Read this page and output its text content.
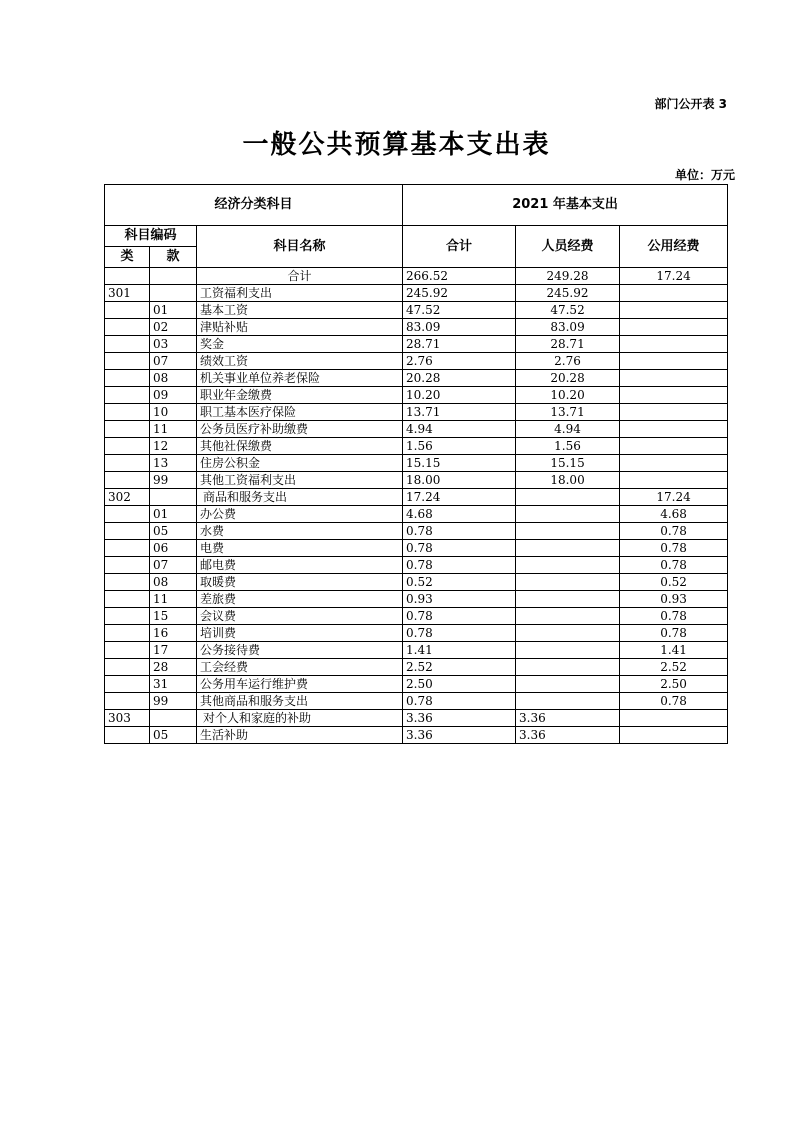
部门公开表 3
一般公共预算基本支出表
单位：万元
经济分类科目			2021 年基本支出		
科目编码		科目名称	合计	人员经费	公用经费
类	款				
		合计	266.52	249.28	17.24
301		工资福利支出	245.92	245.92	
	01	基本工资	47.52	47.52	
	02	津贴补贴	83.09	83.09	
	03	奖金	28.71	28.71	
	07	绩效工资	2.76	2.76	
	08	机关事业单位养老保险	20.28	20.28	
	09	职业年金缴费	10.20	10.20	
	10	职工基本医疗保险	13.71	13.71	
	11	公务员医疗补助缴费	4.94	4.94	
	12	其他社保缴费	1.56	1.56	
	13	住房公积金	15.15	15.15	
	99	其他工资福利支出	18.00	18.00	
302		商品和服务支出	17.24		17.24
	01	办公费	4.68		4.68
	05	水费	0.78		0.78
	06	电费	0.78		0.78
	07	邮电费	0.78		0.78
	08	取暖费	0.52		0.52
	11	差旅费	0.93		0.93
	15	会议费	0.78		0.78
	16	培训费	0.78		0.78
	17	公务接待费	1.41		1.41
	28	工会经费	2.52		2.52
	31	公务用车运行维护费	2.50		2.50
	99	其他商品和服务支出	0.78		0.78
303		对个人和家庭的补助	3.36	3.36	
	05	生活补助	3.36	3.36	
